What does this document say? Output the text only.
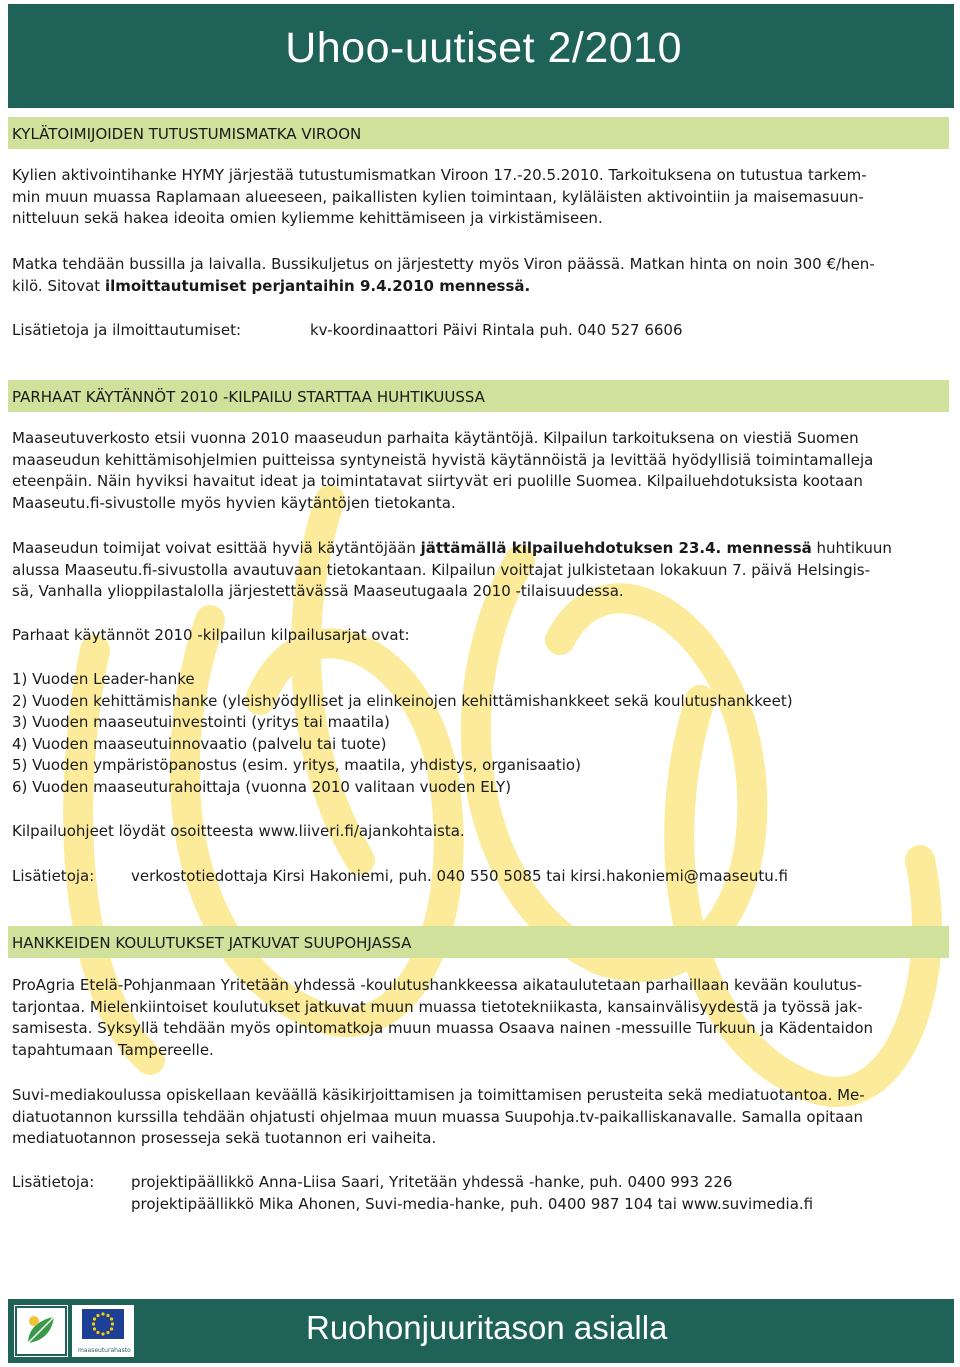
Uhoo-uutiset 2/2010
KYLÄTOIMIJOIDEN TUTUSTUMISMATKA VIROON
Kylien aktivointihanke HYMY järjestää tutustumismatkan Viroon 17.-20.5.2010. Tarkoituksena on tutustua tarkem-
min muun muassa Raplamaan alueeseen, paikallisten kylien toimintaan, kyläläisten aktivointiin ja maisemasuun-
nitteluun sekä hakea ideoita omien kyliemme kehittämiseen ja virkistämiseen.
Matka tehdään bussilla ja laivalla. Bussikuljetus on järjestetty myös Viron päässä. Matkan hinta on noin 300 €/hen-
kilö. Sitovat ilmoittautumiset perjantaihin 9.4.2010 mennessä.
Lisätietoja ja ilmoittautumiset:	kv-koordinaattori Päivi Rintala puh. 040 527 6606
PARHAAT KÄYTÄNNÖT 2010 -KILPAILU STARTTAA HUHTIKUUSSA
Maaseutuverkosto etsii vuonna 2010 maaseudun parhaita käytäntöjä. Kilpailun tarkoituksena on viestiä Suomen
maaseudun kehittämisohjelmien puitteissa syntyneistä hyvistä käytännöistä ja levittää hyödyllisiä toimintamalleja
eteenpäin. Näin hyviksi havaitut ideat ja toimintatavat siirtyvät eri puolille Suomea. Kilpailuehdotuksista kootaan
Maaseutu.fi-sivustolle myös hyvien käytäntöjen tietokanta.
Maaseudun toimijat voivat esittää hyviä käytäntöjään jättämällä kilpailuehdotuksen 23.4. mennessä huhtikuun
alussa Maaseutu.fi-sivustolla avautuvaan tietokantaan. Kilpailun voittajat julkistetaan lokakuun 7. päivä Helsingis-
sä, Vanhalla ylioppilastalolla järjestettävässä Maaseutugaala 2010 -tilaisuudessa.
Parhaat käytännöt 2010 -kilpailun kilpailusarjat ovat:
1) Vuoden Leader-hanke
2) Vuoden kehittämishanke (yleishyödylliset ja elinkeinojen kehittämishankkeet sekä koulutushankkeet)
3) Vuoden maaseutuinvestointi (yritys tai maatila)
4) Vuoden maaseutuinnovaatio (palvelu tai tuote)
5) Vuoden ympäristöpanostus (esim. yritys, maatila, yhdistys, organisaatio)
6) Vuoden maaseuturahoittaja (vuonna 2010 valitaan vuoden ELY)
Kilpailuohjeet löydät osoitteesta www.liiveri.fi/ajankohtaista.
Lisätietoja: verkostotiedottaja Kirsi Hakoniemi, puh. 040 550 5085 tai kirsi.hakoniemi@maaseutu.fi
HANKKEIDEN KOULUTUKSET JATKUVAT SUUPOHJASSA
ProAgria Etelä-Pohjanmaan Yritetään yhdessä -koulutushankkeessa aikataulutetaan parhaillaan kevään koulutus-
tarjontaa. Mielenkiintoiset koulutukset jatkuvat muun muassa tietotekniikasta, kansainvälisyydestä ja työssä jak-
samisesta. Syksyllä tehdään myös opintomatkoja muun muassa Osaava nainen -messuille Turkuun ja Kädentaidon
tapahtumaan Tampereelle.
Suvi-mediakoulussa opiskellaan keväällä käsikirjoittamisen ja toimittamisen perusteita sekä mediatuotantoa. Me-
diatuotannon kurssilla tehdään ohjatusti ohjelmaa muun muassa Suupohja.tv-paikalliskanavalle. Samalla opitaan
mediatuotannon prosesseja sekä tuotannon eri vaiheita.
Lisätietoja: projektipäällikkö Anna-Liisa Saari, Yritetään yhdessä -hanke, puh. 0400 993 226
projektipäällikkö Mika Ahonen, Suvi-media-hanke, puh. 0400 987 104 tai www.suvimedia.fi
maaseuturahasto
Ruohonjuuritason asialla
